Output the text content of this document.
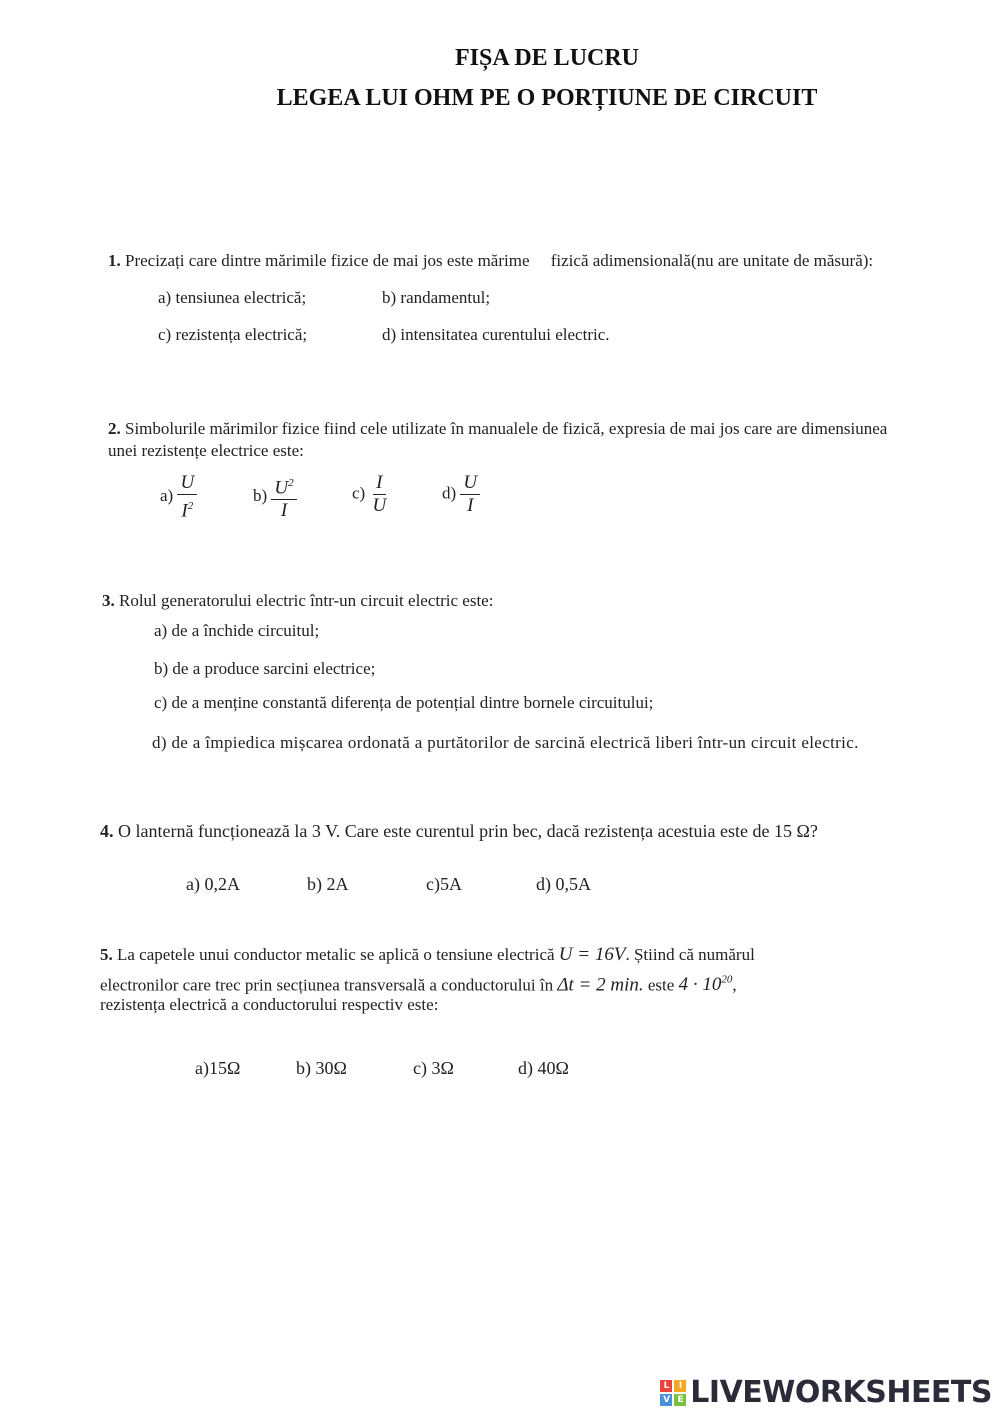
FIȘA DE LUCRU
LEGEA LUI OHM PE O PORȚIUNE DE CIRCUIT
1. Precizați care dintre mărimile fizice de mai jos este mărime     fizică adimensională(nu are unitate de măsură):
a) tensiunea electrică;	b) randamentul;
c) rezistența electrică;	d) intensitatea curentului electric.
2. Simbolurile mărimilor fizice fiind cele utilizate în manualele de fizică, expresia de mai jos care are dimensiunea unei rezistențe electrice este:
$a) \frac{U}{I^2}$	$b) \frac{U^2}{I}$	$c) \frac{I}{U}$	$d) \frac{U}{I}$
3. Rolul generatorului electric într-un circuit electric este:
a) de a închide circuitul;
b) de a produce sarcini electrice;
c) de a menține constantă diferența de potențial dintre bornele circuitului;
d) de a împiedica mișcarea ordonată a purtătorilor de sarcină electrică liberi într-un circuit electric.
4. O lanternă funcționează la 3 V. Care este curentul prin bec, dacă rezistența acestuia este de 15 Ω?
a) 0,2A	b) 2A	c)5A	d) 0,5A
5. La capetele unui conductor metalic se aplică o tensiune electrică U = 16V. Știind că numărul
electronilor care trec prin secțiunea transversală a conductorului în Δt = 2 min. este $4 \cdot 10^{20}$,
rezistența electrică a conductorului respectiv este:
a)15Ω	b) 30Ω	c) 3Ω	d) 40Ω
L	I
V E LIVEWORKSHEETS
